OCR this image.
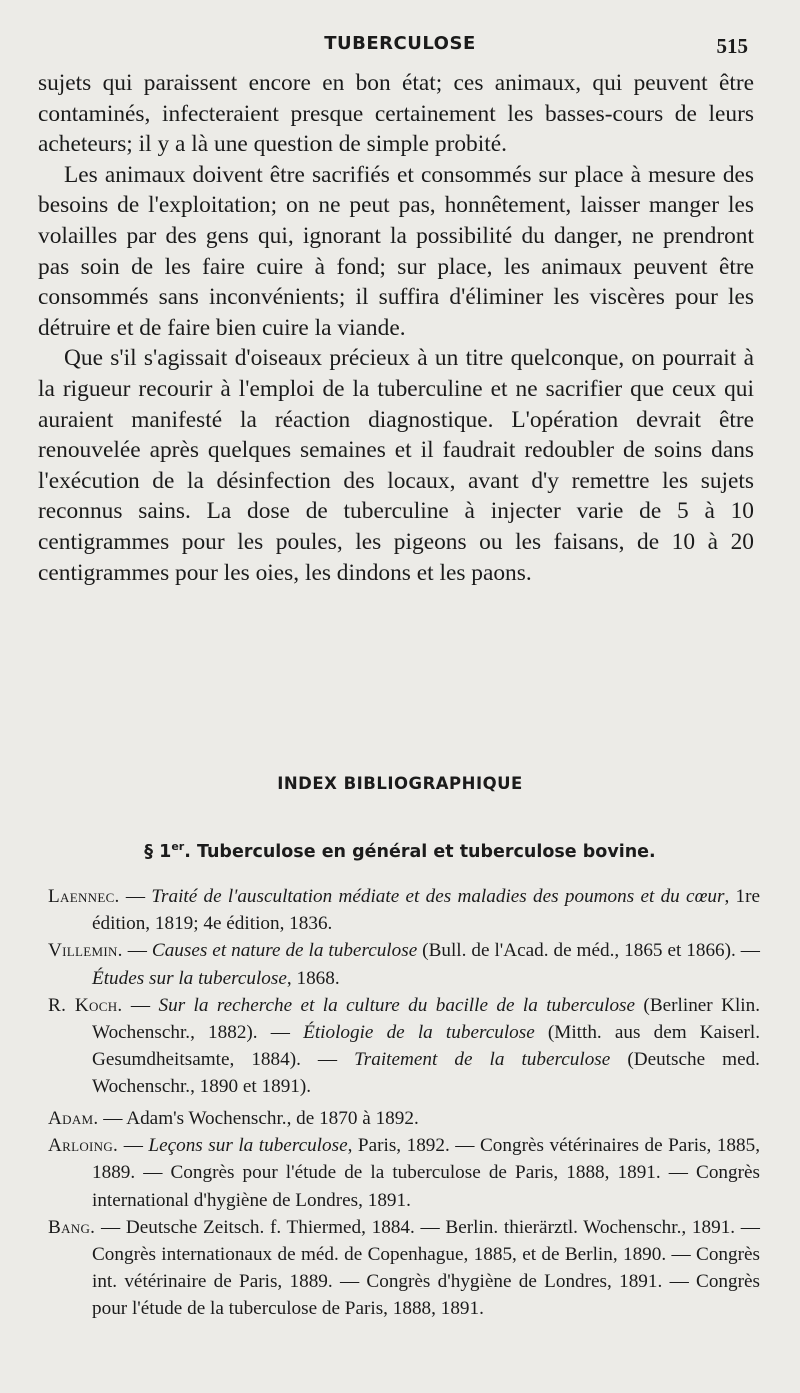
TUBERCULOSE	515

sujets qui paraissent encore en bon état; ces animaux, qui peuvent être contaminés, infecteraient presque certainement les basses-cours de leurs acheteurs; il y a là une question de simple probité.

Les animaux doivent être sacrifiés et consommés sur place à mesure des besoins de l'exploitation; on ne peut pas, honnêtement, laisser manger les volailles par des gens qui, ignorant la possibilité du danger, ne prendront pas soin de les faire cuire à fond; sur place, les animaux peuvent être consommés sans inconvénients; il suffira d'éliminer les viscères pour les détruire et de faire bien cuire la viande.

Que s'il s'agissait d'oiseaux précieux à un titre quelconque, on pourrait à la rigueur recourir à l'emploi de la tuberculine et ne sacrifier que ceux qui auraient manifesté la réaction diagnostique. L'opération devrait être renouvelée après quelques semaines et il faudrait redoubler de soins dans l'exécution de la désinfection des locaux, avant d'y remettre les sujets reconnus sains. La dose de tuberculine à injecter varie de 5 à 10 centigrammes pour les poules, les pigeons ou les faisans, de 10 à 20 centigrammes pour les oies, les dindons et les paons.

INDEX BIBLIOGRAPHIQUE
§ 1er. Tuberculose en général et tuberculose bovine.

Laennec. — Traité de l'auscultation médiate et des maladies des poumons et du cœur, 1re édition, 1819; 4e édition, 1836.

Villemin. — Causes et nature de la tuberculose (Bull. de l'Acad. de méd., 1865 et 1866). — Études sur la tuberculose, 1868.

R. Koch. — Sur la recherche et la culture du bacille de la tuberculose (Berliner Klin. Wochenschr., 1882). — Étiologie de la tuberculose (Mitth. aus dem Kaiserl. Gesumdheitsamte, 1884). — Traitement de la tuberculose (Deutsche med. Wochenschr., 1890 et 1891).

Adam. — Adam's Wochenschr., de 1870 à 1892.

Arloing. — Leçons sur la tuberculose, Paris, 1892. — Congrès vétérinaires de Paris, 1885, 1889. — Congrès pour l'étude de la tuberculose de Paris, 1888, 1891. — Congrès international d'hygiène de Londres, 1891.

Bang. — Deutsche Zeitsch. f. Thiermed, 1884. — Berlin. thierärztl. Wochenschr., 1891. — Congrès internationaux de méd. de Copenhague, 1885, et de Berlin, 1890. — Congrès int. vétérinaire de Paris, 1889. — Congrès d'hygiène de Londres, 1891. — Congrès pour l'étude de la tuberculose de Paris, 1888, 1891.
